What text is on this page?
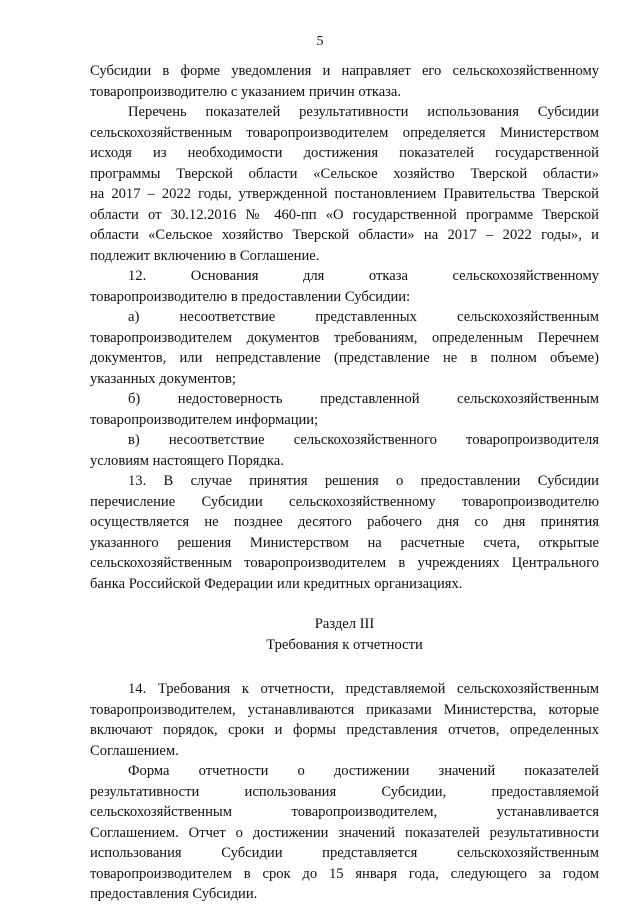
5
Субсидии в форме уведомления и направляет его сельскохозяйственному
товаропроизводителю с указанием причин отказа.
Перечень показателей результативности использования Субсидии
сельскохозяйственным товаропроизводителем определяется Министерством
исходя из необходимости достижения показателей государственной
программы Тверской области «Сельское хозяйство Тверской области»
на 2017 – 2022 годы, утвержденной постановлением Правительства Тверской
области от 30.12.2016 № 460-пп «О государственной программе Тверской
области «Сельское хозяйство Тверской области» на 2017 – 2022 годы», и
подлежит включению в Соглашение.
12. Основания для отказа сельскохозяйственному
товаропроизводителю в предоставлении Субсидии:
а) несоответствие представленных сельскохозяйственным
товаропроизводителем документов требованиям, определенным Перечнем
документов, или непредставление (представление не в полном объеме)
указанных документов;
б) недостоверность представленной сельскохозяйственным
товаропроизводителем информации;
в) несоответствие сельскохозяйственного товаропроизводителя
условиям настоящего Порядка.
13. В случае принятия решения о предоставлении Субсидии
перечисление Субсидии сельскохозяйственному товаропроизводителю
осуществляется не позднее десятого рабочего дня со дня принятия
указанного решения Министерством на расчетные счета, открытые
сельскохозяйственным товаропроизводителем в учреждениях Центрального
банка Российской Федерации или кредитных организациях.
Раздел III
Требования к отчетности
14. Требования к отчетности, представляемой сельскохозяйственным
товаропроизводителем, устанавливаются приказами Министерства, которые
включают порядок, сроки и формы представления отчетов, определенных
Соглашением.
Форма отчетности о достижении значений показателей
результативности использования Субсидии, предоставляемой
сельскохозяйственным товаропроизводителем, устанавливается
Соглашением. Отчет о достижении значений показателей результативности
использования Субсидии представляется сельскохозяйственным
товаропроизводителем в срок до 15 января года, следующего за годом
предоставления Субсидии.
